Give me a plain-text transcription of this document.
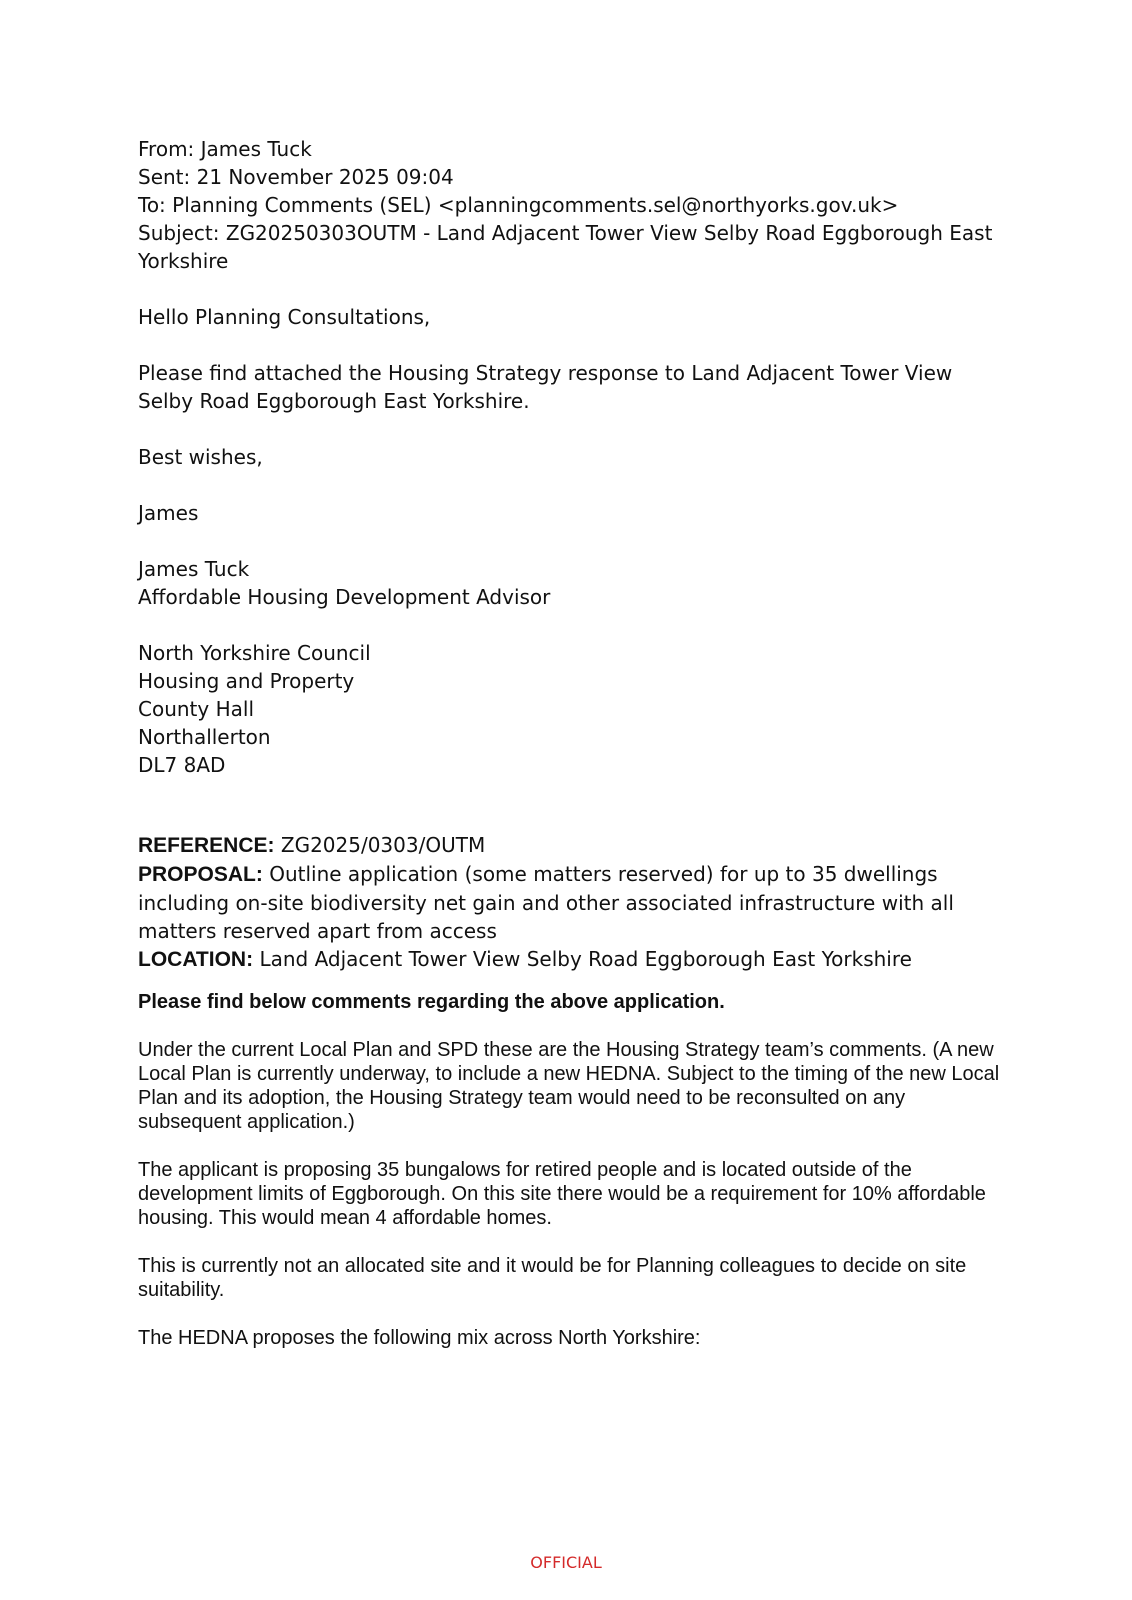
From: James Tuck

Sent: 21 November 2025 09:04

To: Planning Comments (SEL) <planningcomments.sel@northyorks.gov.uk>

Subject: ZG20250303OUTM - Land Adjacent Tower View Selby Road Eggborough East Yorkshire

Hello Planning Consultations,

Please find attached the Housing Strategy response to Land Adjacent Tower View Selby Road Eggborough East Yorkshire.

Best wishes,

James

James Tuck

Affordable Housing Development Advisor

North Yorkshire Council

Housing and Property

County Hall

Northallerton

DL7 8AD

REFERENCE: ZG2025/0303/OUTM
PROPOSAL: Outline application (some matters reserved) for up to 35 dwellings including on-site biodiversity net gain and other associated infrastructure with all matters reserved apart from access
LOCATION: Land Adjacent Tower View Selby Road Eggborough East Yorkshire

Please find below comments regarding the above application.

Under the current Local Plan and SPD these are the Housing Strategy team’s comments. (A new Local Plan is currently underway, to include a new HEDNA. Subject to the timing of the new Local Plan and its adoption, the Housing Strategy team would need to be reconsulted on any subsequent application.)

The applicant is proposing 35 bungalows for retired people and is located outside of the development limits of Eggborough. On this site there would be a requirement for 10% affordable housing. This would mean 4 affordable homes.

This is currently not an allocated site and it would be for Planning colleagues to decide on site suitability.

The HEDNA proposes the following mix across North Yorkshire:

OFFICIAL
